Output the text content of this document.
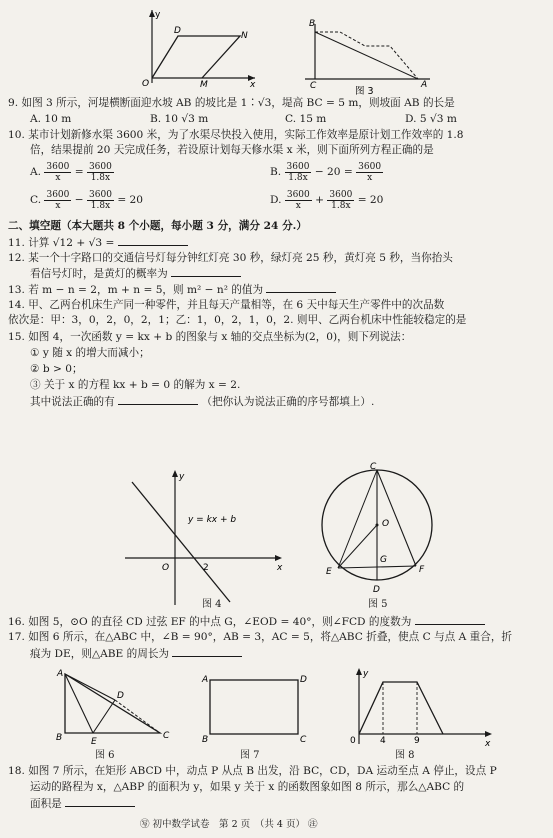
y
D	N
O	M	x
B
C	A
图 3
9. 如图 3 所示，河堤横断面迎水坡 AB 的坡比是 1∶√3，堤高 BC = 5 m，则坡面 AB 的长是
A. 10 m	B. 10 √3 m	C. 15 m	D. 5 √3 m
10. 某市计划新修水渠 3600 米，为了水渠尽快投入使用，实际工作效率是原计划工作效率的 1.8
倍，结果提前 20 天完成任务，若设原计划每天修水渠 x 米，则下面所列方程正确的是
A. $\frac{3600}{x} = \frac{3600}{1.8x}$	B. $\frac{3600}{1.8x} - 20 = \frac{3600}{x}$
C. $\frac{3600}{x} - \frac{3600}{1.8x} = 20$	D. $\frac{3600}{x} + \frac{3600}{1.8x} = 20$
二、填空题（本大题共 8 个小题，每小题 3 分，满分 24 分.）
11. 计算 √12 + √3 =
12. 某一个十字路口的交通信号灯每分钟红灯亮 30 秒，绿灯亮 25 秒，黄灯亮 5 秒，当你抬头
看信号灯时，是黄灯的概率为
13. 若 m − n = 2，m + n = 5，则 m² − n² 的值为
14. 甲、乙两台机床生产同一种零件，并且每天产量相等，在 6 天中每天生产零件中的次品数
依次是：甲：3，0，2，0，2，1；乙：1，0，2，1，0，2. 则甲、乙两台机床中性能较稳定的是
15. 如图 4，一次函数 y = kx + b 的图象与 x 轴的交点坐标为(2，0)，则下列说法：
① y 随 x 的增大而减小；
② b > 0；
③ 关于 x 的方程 kx + b = 0 的解为 x = 2.
其中说法正确的有	（把你认为说法正确的序号都填上）.
y
y = kx + b
O	2	x
图 4
C
O
G
E	F
D
图 5
16. 如图 5，⊙O 的直径 CD 过弦 EF 的中点 G，∠EOD = 40°，则∠FCD 的度数为
17. 如图 6 所示，在△ABC 中，∠B = 90°，AB = 3，AC = 5，将△ABC 折叠，使点 C 与点 A 重合，折
痕为 DE，则△ABE 的周长为
A
D
B	E
C
图 6
A	D
B	C
图 7
y
0	4	9	x
图 8
18. 如图 7 所示，在矩形 ABCD 中，动点 P 从点 B 出发，沿 BC，CD，DA 运动至点 A 停止，设点 P
运动的路程为 x，△ABP 的面积为 y，如果 y 关于 x 的函数图象如图 8 所示，那么△ABC 的
面积是
㊢ 初中数学试卷　第 2 页　（共 4 页） ㊟
